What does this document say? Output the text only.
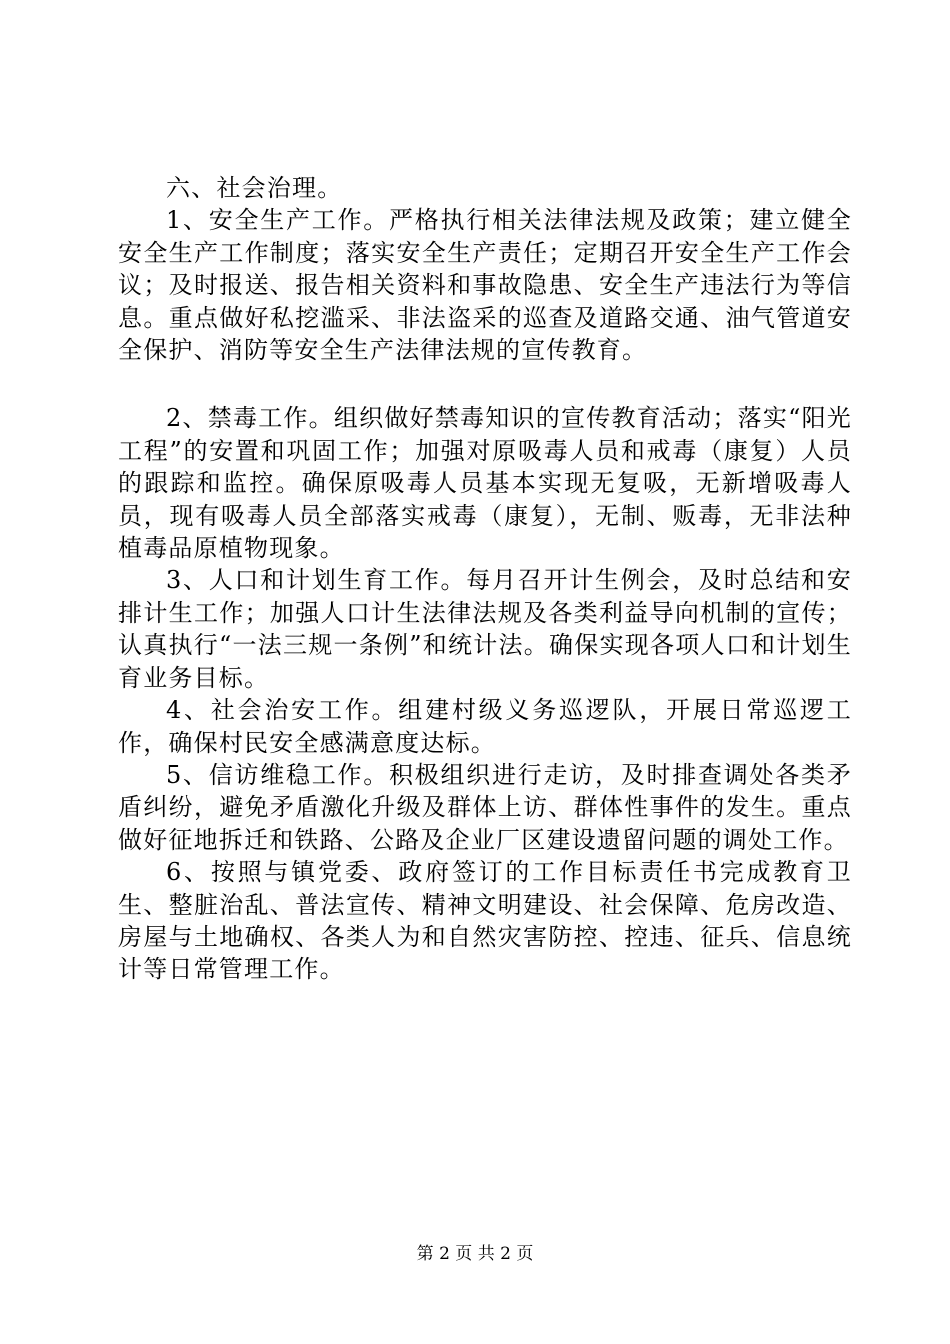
六、社会治理。

1、安全生产工作。严格执行相关法律法规及政策；建立健全安全生产工作制度；落实安全生产责任；定期召开安全生产工作会议；及时报送、报告相关资料和事故隐患、安全生产违法行为等信息。重点做好私挖滥采、非法盗采的巡查及道路交通、油气管道安全保护、消防等安全生产法律法规的宣传教育。

2、禁毒工作。组织做好禁毒知识的宣传教育活动；落实“阳光工程”的安置和巩固工作；加强对原吸毒人员和戒毒（康复）人员的跟踪和监控。确保原吸毒人员基本实现无复吸，无新增吸毒人员，现有吸毒人员全部落实戒毒（康复），无制、贩毒，无非法种植毒品原植物现象。

3、人口和计划生育工作。每月召开计生例会，及时总结和安排计生工作；加强人口计生法律法规及各类利益导向机制的宣传；认真执行“一法三规一条例”和统计法。确保实现各项人口和计划生育业务目标。

4、社会治安工作。组建村级义务巡逻队，开展日常巡逻工作，确保村民安全感满意度达标。

5、信访维稳工作。积极组织进行走访，及时排查调处各类矛盾纠纷，避免矛盾激化升级及群体上访、群体性事件的发生。重点做好征地拆迁和铁路、公路及企业厂区建设遗留问题的调处工作。

6、按照与镇党委、政府签订的工作目标责任书完成教育卫生、整脏治乱、普法宣传、精神文明建设、社会保障、危房改造、房屋与土地确权、各类人为和自然灾害防控、控违、征兵、信息统计等日常管理工作。

第 2 页 共 2 页
